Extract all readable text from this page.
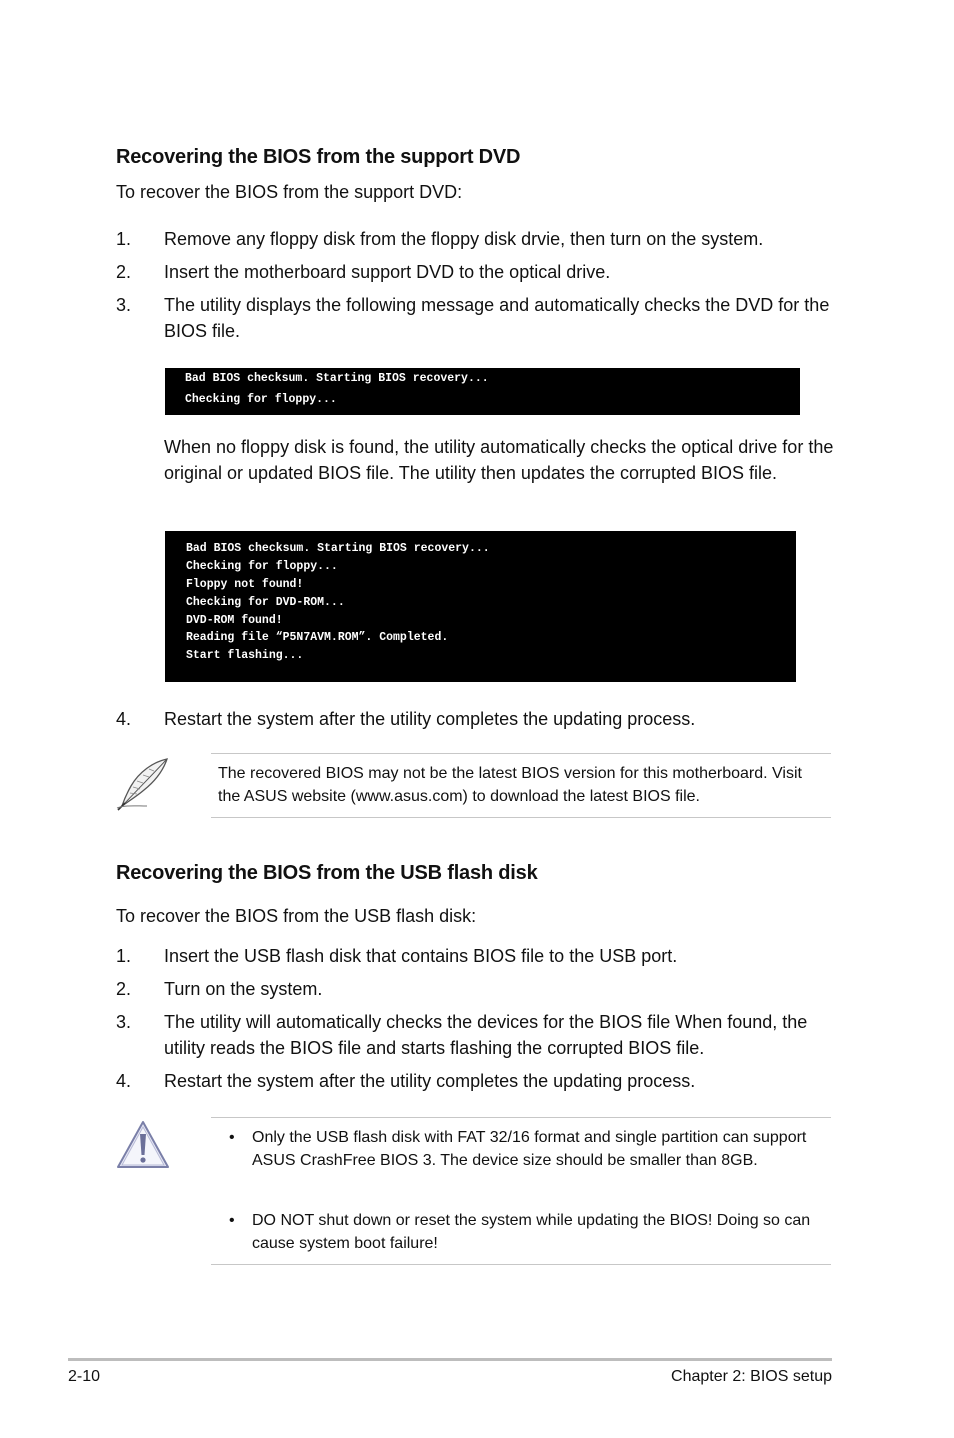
Recovering the BIOS from the support DVD
To recover the BIOS from the support DVD:
1. Remove any floppy disk from the floppy disk drvie, then turn on the system.
2. Insert the motherboard support DVD to the optical drive.
3. The utility displays the following message and automatically checks the DVD for the BIOS file.
Bad BIOS checksum. Starting BIOS recovery...
Checking for floppy...
When no floppy disk is found, the utility automatically checks the optical drive for the original or updated BIOS file. The utility then updates the corrupted BIOS file.
Bad BIOS checksum. Starting BIOS recovery...
Checking for floppy...
Floppy not found!
Checking for DVD-ROM...
DVD-ROM found!
Reading file “P5N7AVM.ROM”. Completed.
Start flashing...
4. Restart the system after the utility completes the updating process.
The recovered BIOS may not be the latest BIOS version for this motherboard. Visit the ASUS website (www.asus.com) to download the latest BIOS file.
Recovering the BIOS from the USB flash disk
To recover the BIOS from the USB flash disk:
1. Insert the USB flash disk that contains BIOS file to the USB port.
2. Turn on the system.
3. The utility will automatically checks the devices for the BIOS file When found, the utility reads the BIOS file and starts flashing the corrupted BIOS file.
4. Restart the system after the utility completes the updating process.
• Only the USB flash disk with FAT 32/16 format and single partition can support ASUS CrashFree BIOS 3. The device size should be smaller than 8GB.
• DO NOT shut down or reset the system while updating the BIOS! Doing so can cause system boot failure!
2-10	Chapter 2: BIOS setup
